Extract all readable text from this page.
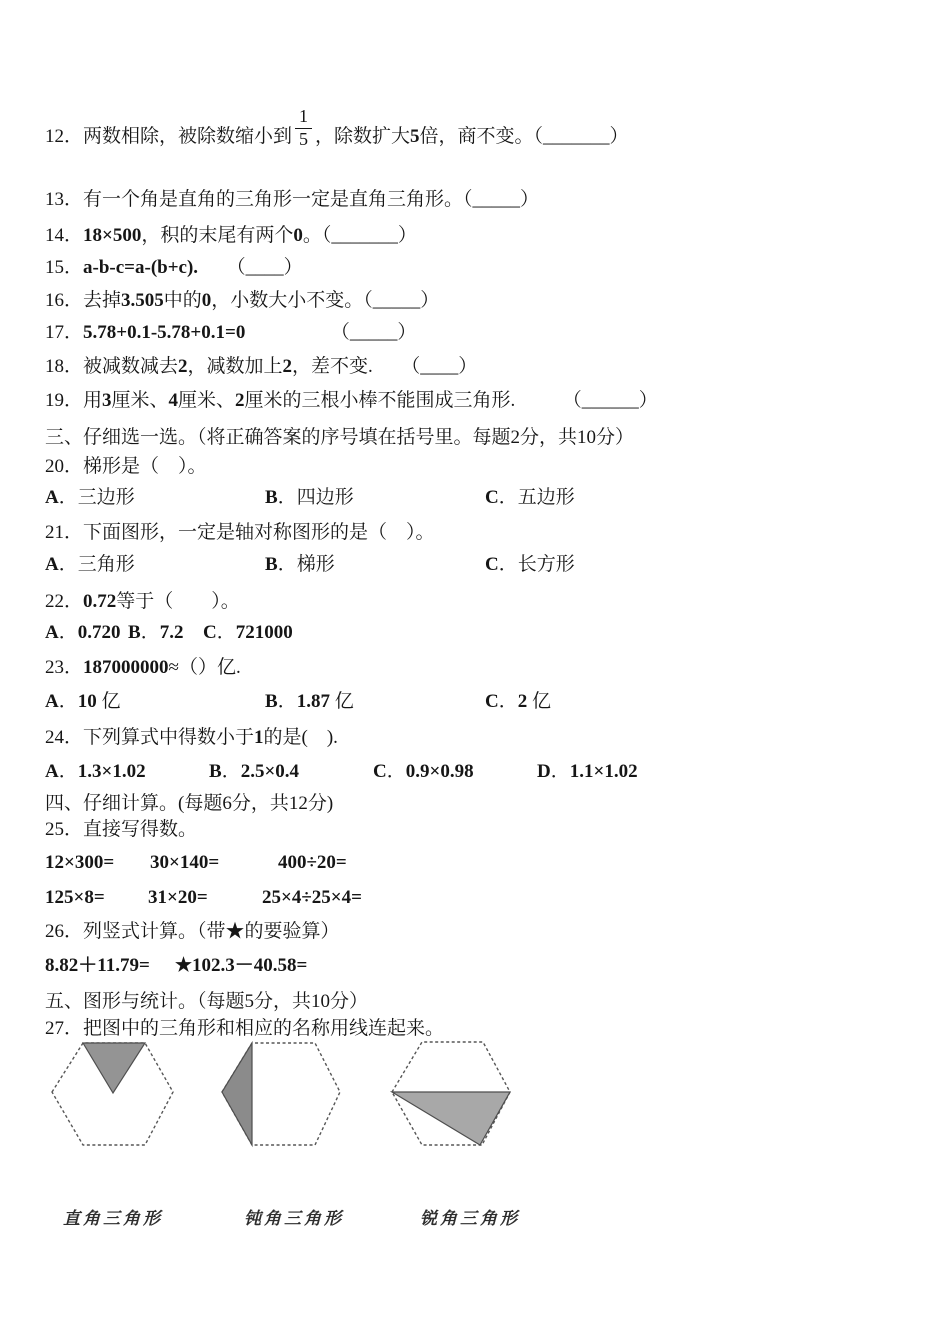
12．两数相除，被除数缩小到 $\frac{1}{5}$ ，除数扩大 5 倍，商不变。（_______）
13．有一个角是直角的三角形一定是直角三角形。（_____）
14．18×500，积的末尾有两个0。（_______）
15．a-b-c=a-(b+c).　　（____）
16．去掉3.505中的0，小数大小不变。（_____）
17．5.78+0.1-5.78+0.1=0　　　　　（_____）
18．被减数减去2，减数加上2，差不变.　　（____）
19．用3厘米、4厘米、2厘米的三根小棒不能围成三角形.　　　（______）
三、仔细选一选。（将正确答案的序号填在括号里。每题2分，共10分）
20．梯形是（　）。
A．三边形	B．四边形	C．五边形
21．下面图形，一定是轴对称图形的是（　）。
A．三角形	B．梯形	C．长方形
22．0.72等于（　　）。
A．0.720 B．7.2 C．721000
23．187000000≈（）亿.
A．10 亿	B．1.87 亿	C．2 亿
24．下列算式中得数小于1的是(　).
A．1.3×1.02	B．2.5×0.4	C．0.9×0.98	D．1.1×1.02
四、仔细计算。(每题6分，共12分)
25．直接写得数。
12×300= 30×140=	400÷20=
125×8= 31×20=	25×4÷25×4=
26．列竖式计算。（带★的要验算）
8.82＋11.79= ★102.3－40.58=
五、图形与统计。（每题5分，共10分）
27．把图中的三角形和相应的名称用线连起来。
直角三角形	钝角三角形	锐角三角形
